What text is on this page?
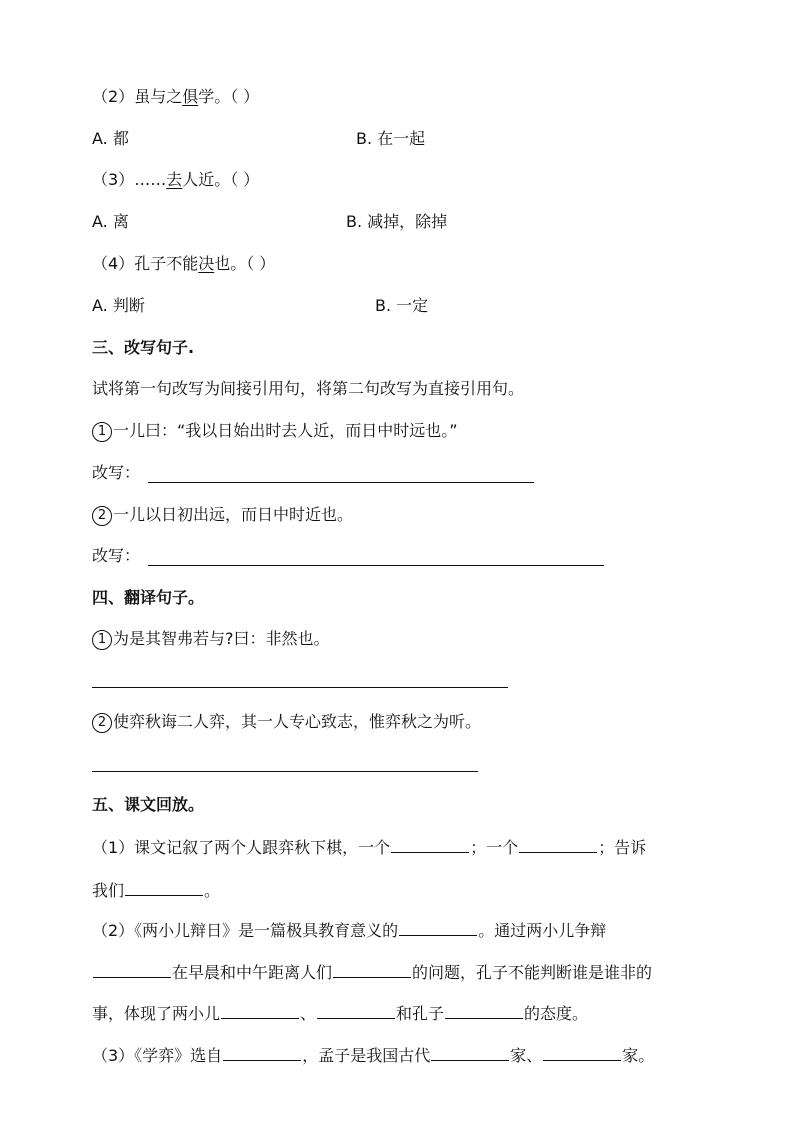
（2）虽与之俱学。（ ）
A. 都	B. 在一起
（3）……去人近。（ ）
A. 离	B. 减掉，除掉
（4）孔子不能决也。（ ）
A. 判断	B. 一定
三、改写句子.
试将第一句改写为间接引用句，将第二句改写为直接引用句。
1 一儿曰：“我以日始出时去人近，而日中时远也。”
改写：
2 一儿以日初出远，而日中时近也。
改写：
四、翻译句子。
1 为是其智弗若与?曰：非然也。
2 使弈秋诲二人弈，其一人专心致志，惟弈秋之为听。
五、课文回放。
（1）课文记叙了两个人跟弈秋下棋，一个	；一个	；告诉
我们	。
（2）《两小儿辩日》是一篇极具教育意义的	。通过两小儿争辩
在早晨和中午距离人们	的问题，孔子不能判断谁是谁非的
事，体现了两小儿	、	和孔子	的态度。
（3）《学弈》选自	，孟子是我国古代	家、	家。
